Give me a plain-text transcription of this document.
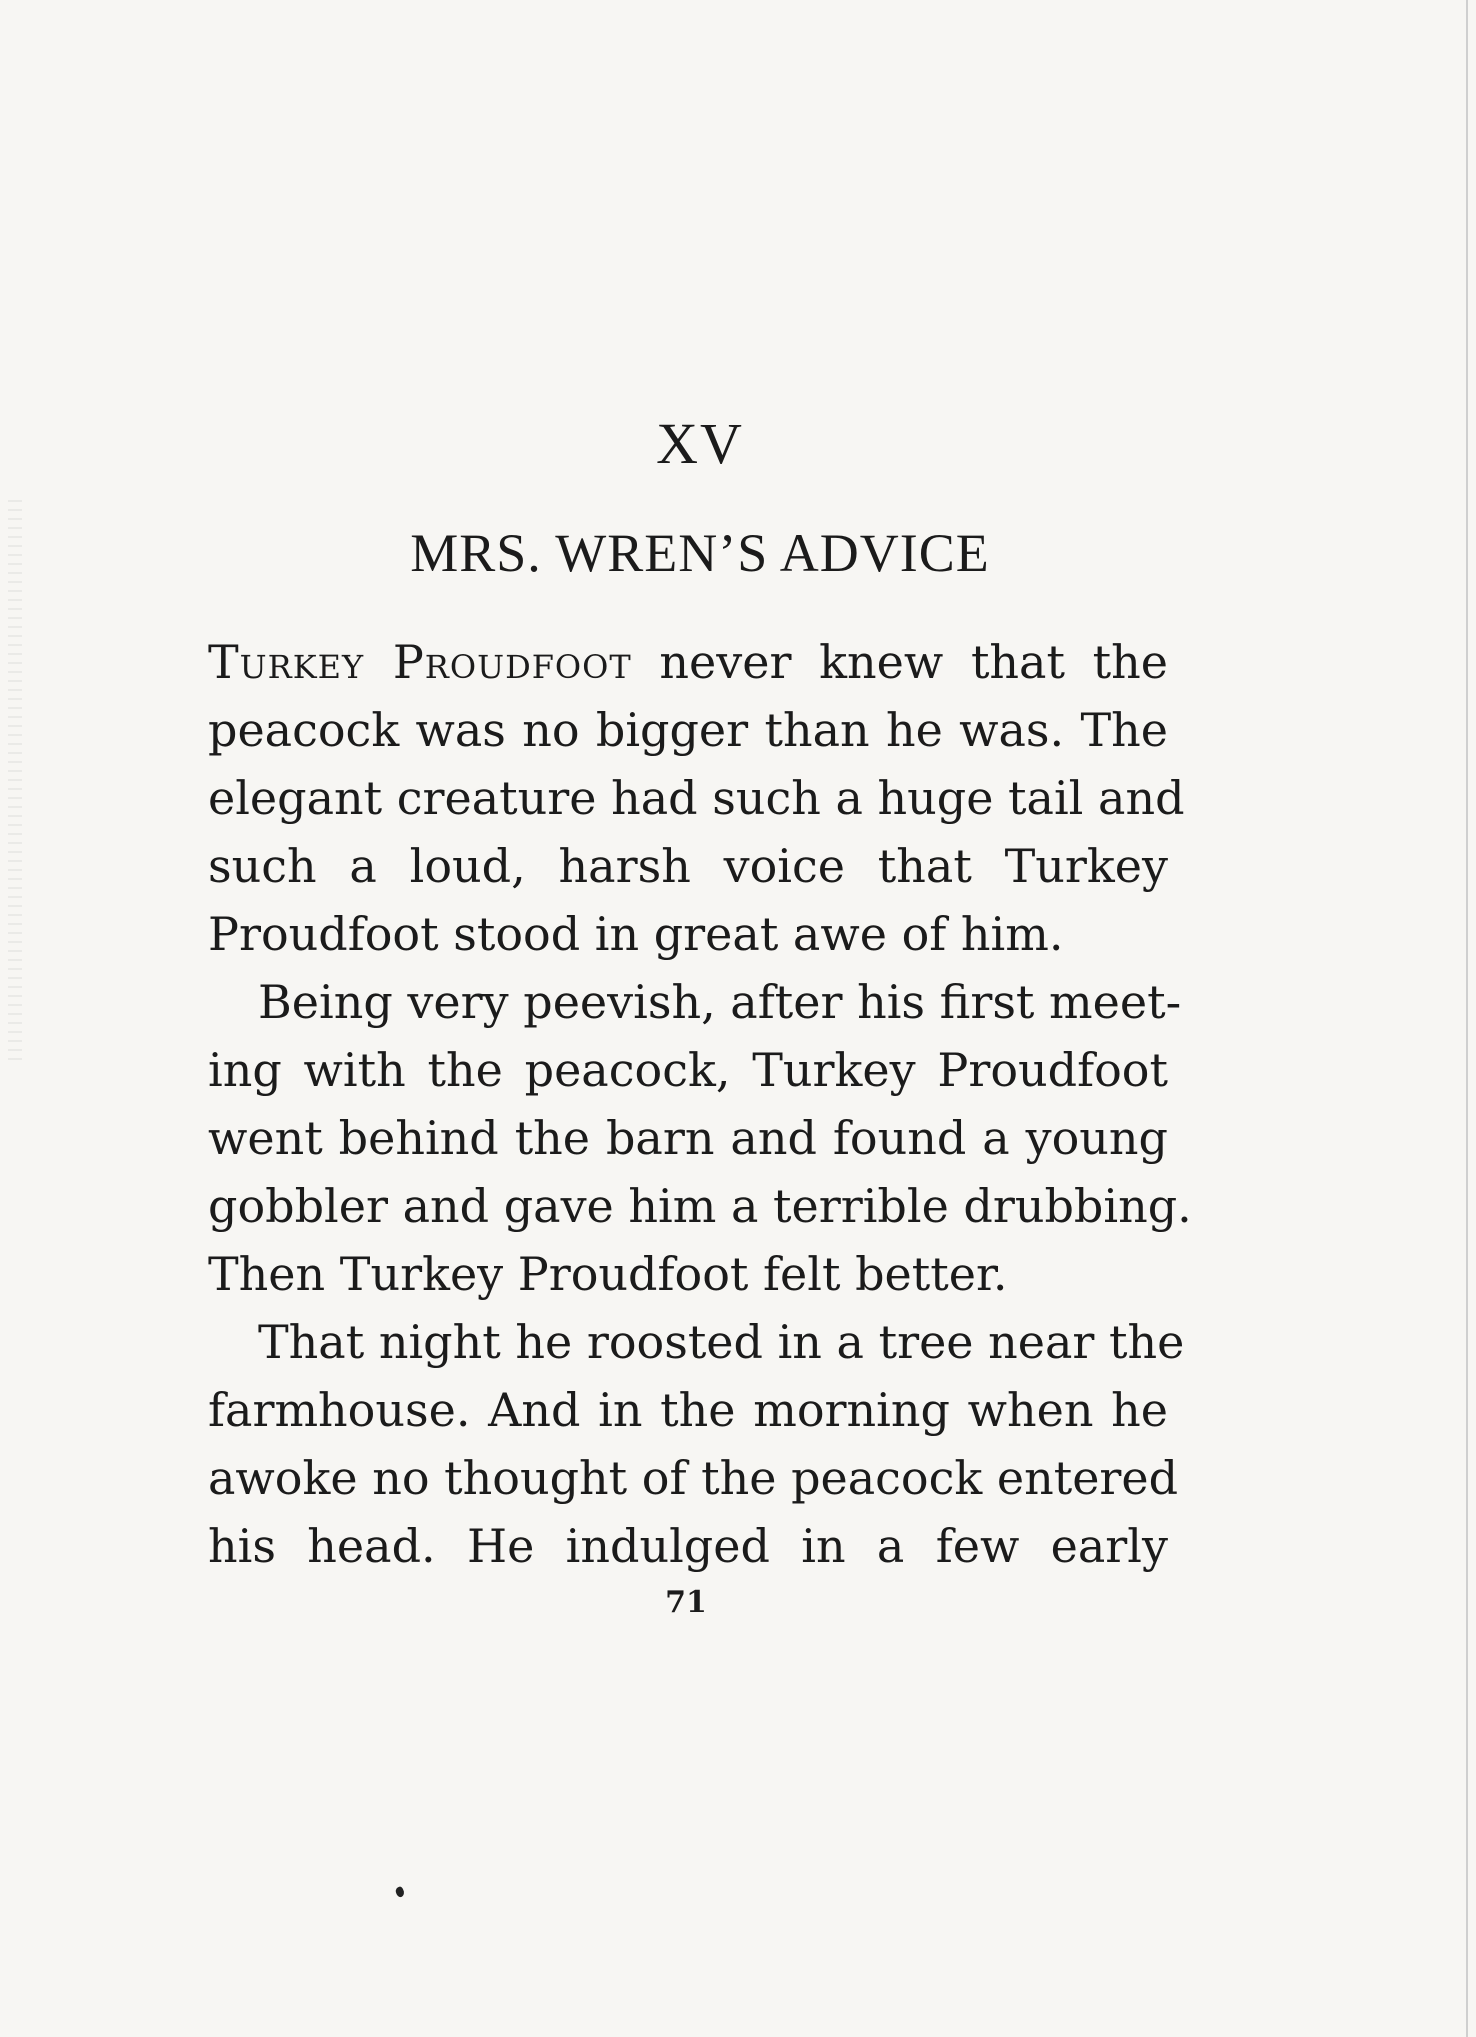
XV
MRS. WREN’S ADVICE
Turkey Proudfoot never knew that the
peacock was no bigger than he was. The
elegant creature had such a huge tail and
such a loud, harsh voice that Turkey
Proudfoot stood in great awe of him.
Being very peevish, after his first meet-
ing with the peacock, Turkey Proudfoot
went behind the barn and found a young
gobbler and gave him a terrible drubbing.
Then Turkey Proudfoot felt better.
That night he roosted in a tree near the
farmhouse. And in the morning when he
awoke no thought of the peacock entered
his head. He indulged in a few early
71
